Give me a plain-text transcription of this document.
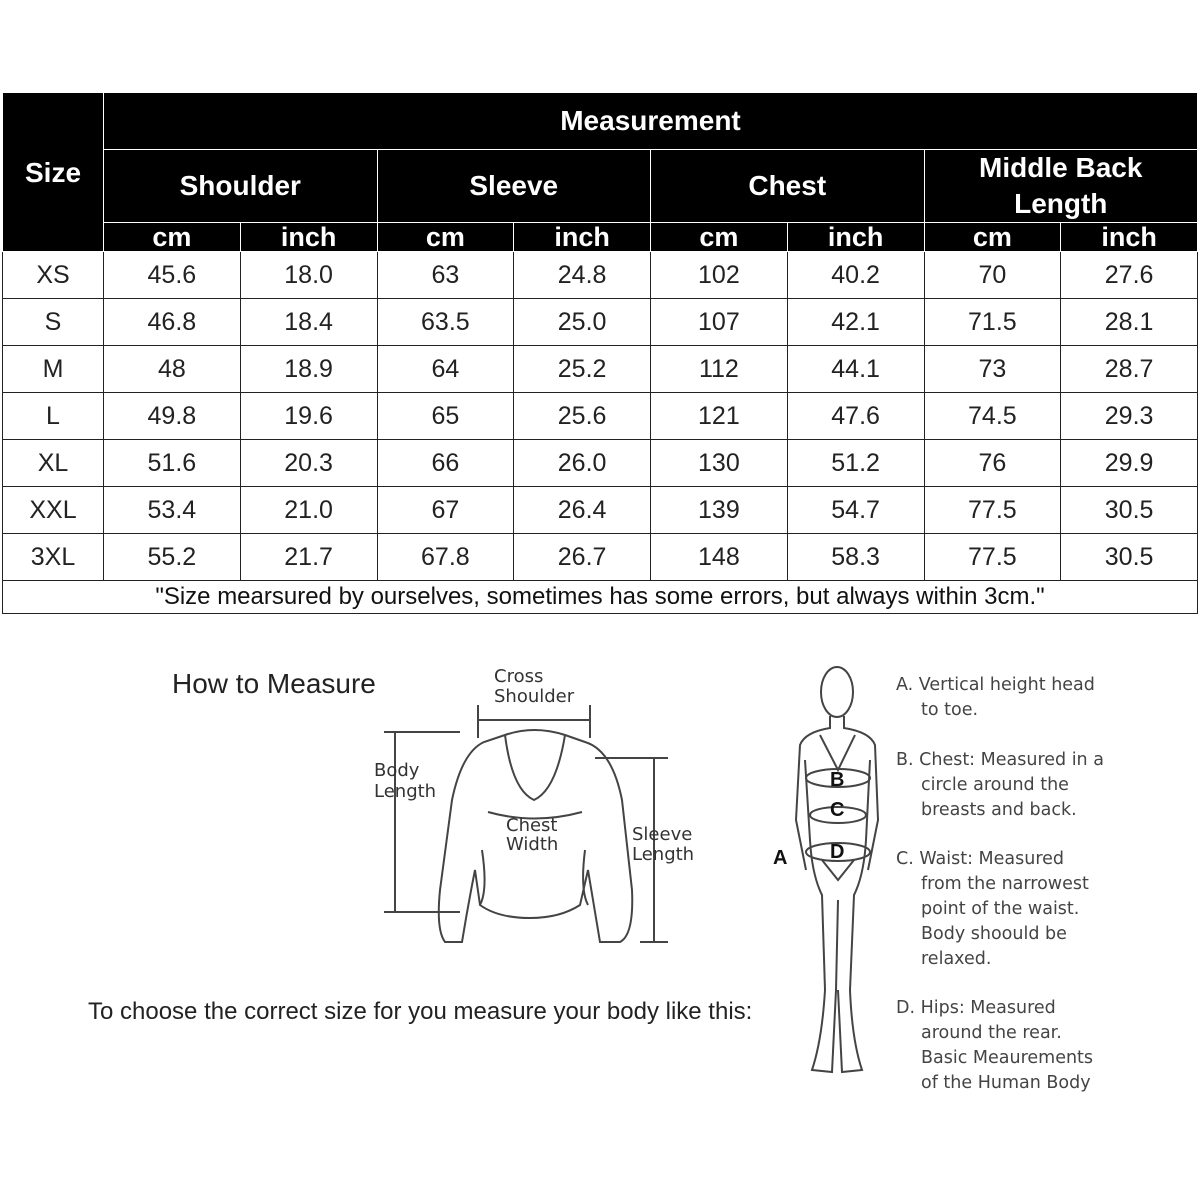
Size	Measurement							
	Shoulder		Sleeve		Chest		Middle Back
Length	
	cm	inch	cm	inch	cm	inch	cm	inch
XS	45.6	18.0	63	24.8	102	40.2	70	27.6
S	46.8	18.4	63.5	25.0	107	42.1	71.5	28.1
M	48	18.9	64	25.2	112	44.1	73	28.7
L	49.8	19.6	65	25.6	121	47.6	74.5	29.3
XL	51.6	20.3	66	26.0	130	51.2	76	29.9
XXL	53.4	21.0	67	26.4	139	54.7	77.5	30.5
3XL	55.2	21.7	67.8	26.7	148	58.3	77.5	30.5
"Size mearsured by ourselves, sometimes has some errors, but always within 3cm."								
How to Measure
To choose the correct size for you measure your body like this:
Cross
Shoulder
Body
Length
Chest
Width	Sleeve
Length
B
C
D
A
A. Vertical height head
to toe.
B. Chest: Measured in a
circle around the
breasts and back.
C. Waist: Measured
from the narrowest
point of the waist.
Body shoould be
relaxed.
D. Hips: Measured
around the rear.
Basic Meaurements
of the Human Body
